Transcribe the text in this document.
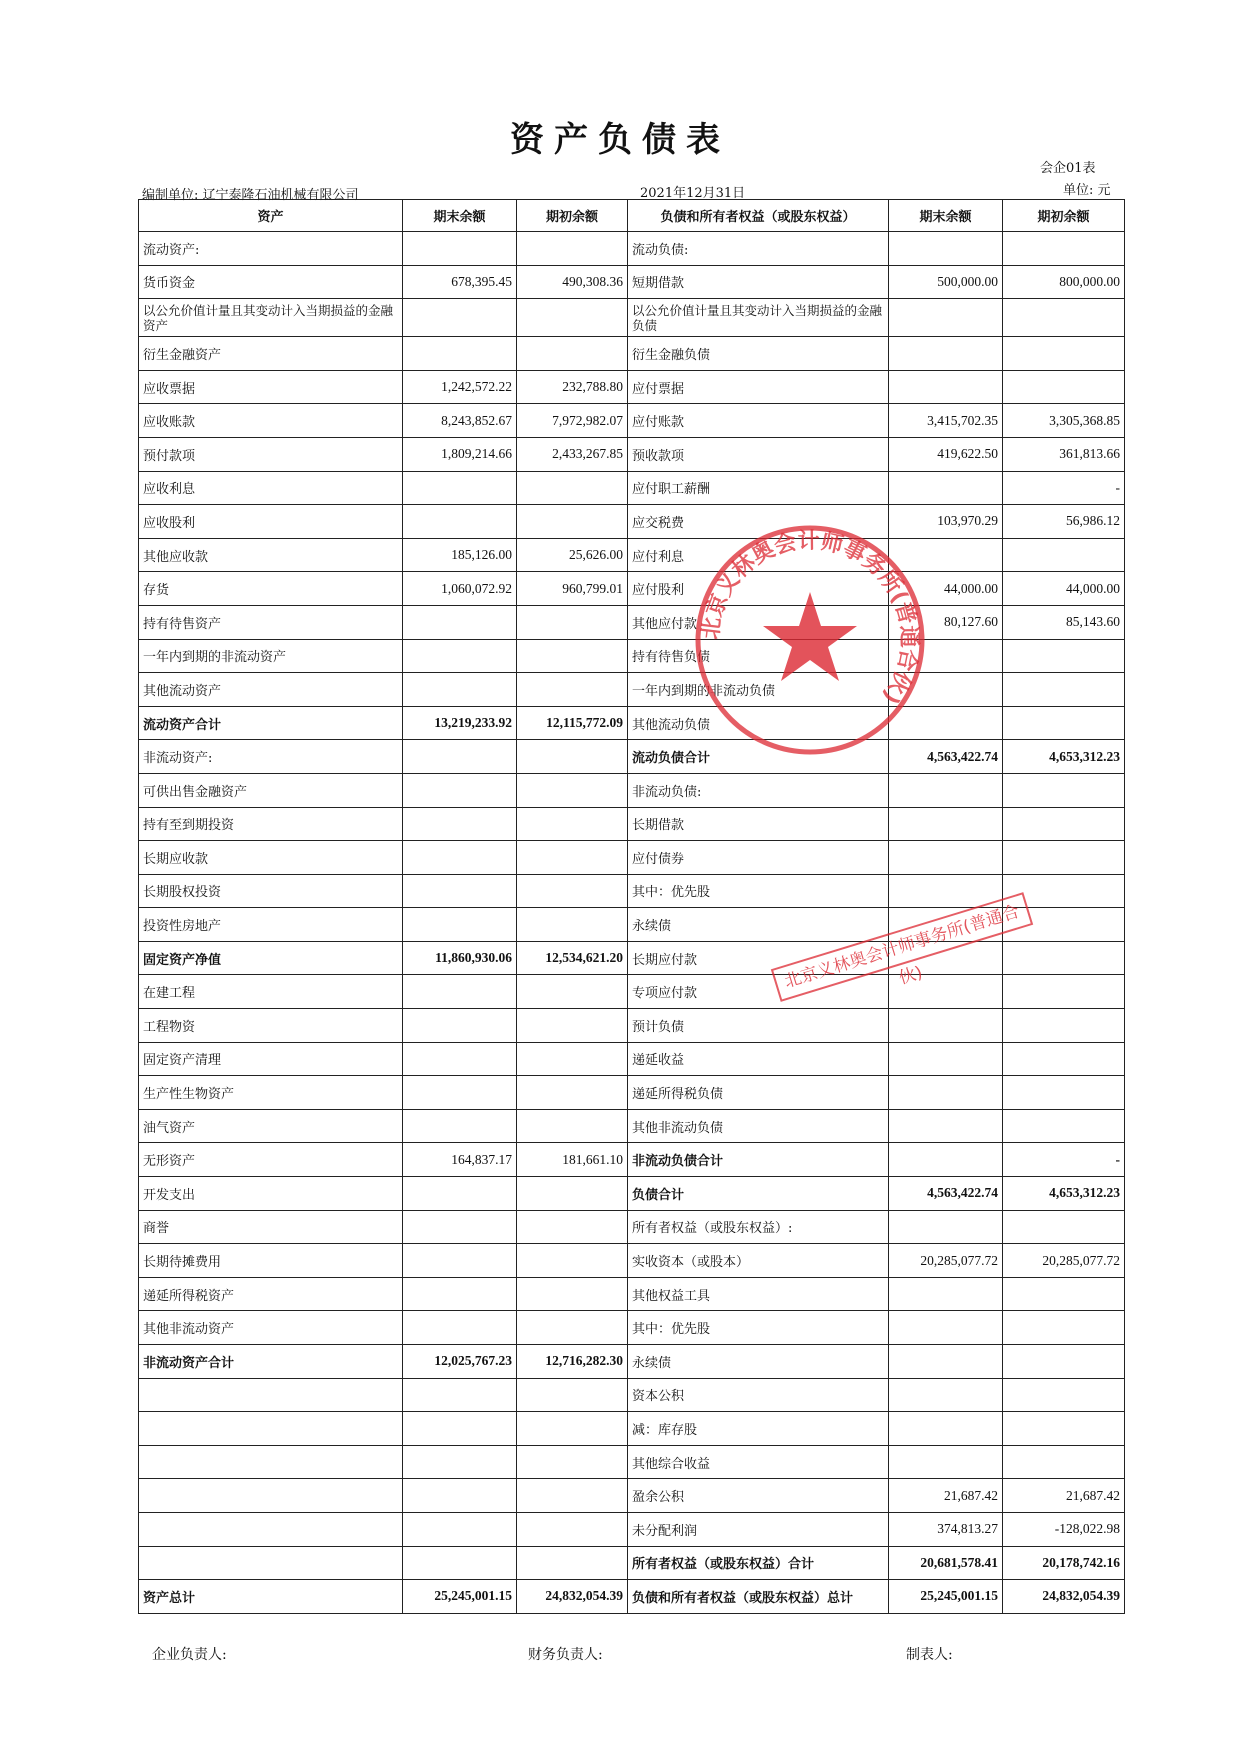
资产负债表
会企01表
单位: 元
编制单位: 辽宁泰隆石油机械有限公司	2021年12月31日
资产	期末余额	期初余额	负债和所有者权益（或股东权益）	期末余额	期初余额
流动资产:			流动负债:		
货币资金	678,395.45	490,308.36	短期借款	500,000.00	800,000.00
以公允价值计量且其变动计入当期损益的金融资产			以公允价值计量且其变动计入当期损益的金融负债		
衍生金融资产			衍生金融负债		
应收票据	1,242,572.22	232,788.80	应付票据		
应收账款	8,243,852.67	7,972,982.07	应付账款	3,415,702.35	3,305,368.85
预付款项	1,809,214.66	2,433,267.85	预收款项	419,622.50	361,813.66
应收利息			应付职工薪酬		-
应收股利			应交税费	103,970.29	56,986.12
其他应收款	185,126.00	25,626.00	应付利息		
存货	1,060,072.92	960,799.01	应付股利	44,000.00	44,000.00
持有待售资产			其他应付款	80,127.60	85,143.60
一年内到期的非流动资产			持有待售负债		
其他流动资产			一年内到期的非流动负债		
流动资产合计	13,219,233.92	12,115,772.09	其他流动负债		
非流动资产:			流动负债合计	4,563,422.74	4,653,312.23
可供出售金融资产			非流动负债:		
持有至到期投资			长期借款		
长期应收款			应付债券		
长期股权投资			其中：优先股		
投资性房地产			永续债		
固定资产净值	11,860,930.06	12,534,621.20	长期应付款		
在建工程			专项应付款		
工程物资			预计负债		
固定资产清理			递延收益		
生产性生物资产			递延所得税负债		
油气资产			其他非流动负债		
无形资产	164,837.17	181,661.10	非流动负债合计		-
开发支出			负债合计	4,563,422.74	4,653,312.23
商誉			所有者权益（或股东权益）:		
长期待摊费用			实收资本（或股本）	20,285,077.72	20,285,077.72
递延所得税资产			其他权益工具		
其他非流动资产			其中：优先股		
非流动资产合计	12,025,767.23	12,716,282.30	永续债		
			资本公积		
			减：库存股		
			其他综合收益		
			盈余公积	21,687.42	21,687.42
			未分配利润	374,813.27	-128,022.98
			所有者权益（或股东权益）合计	20,681,578.41	20,178,742.16
资产总计	25,245,001.15	24,832,054.39	负债和所有者权益（或股东权益）总计	25,245,001.15	24,832,054.39
企业负责人:	财务负责人:	制表人:
北京义林奥会计师事务所(普通合伙)
北京义林奥会计师事务所(普通合伙)
